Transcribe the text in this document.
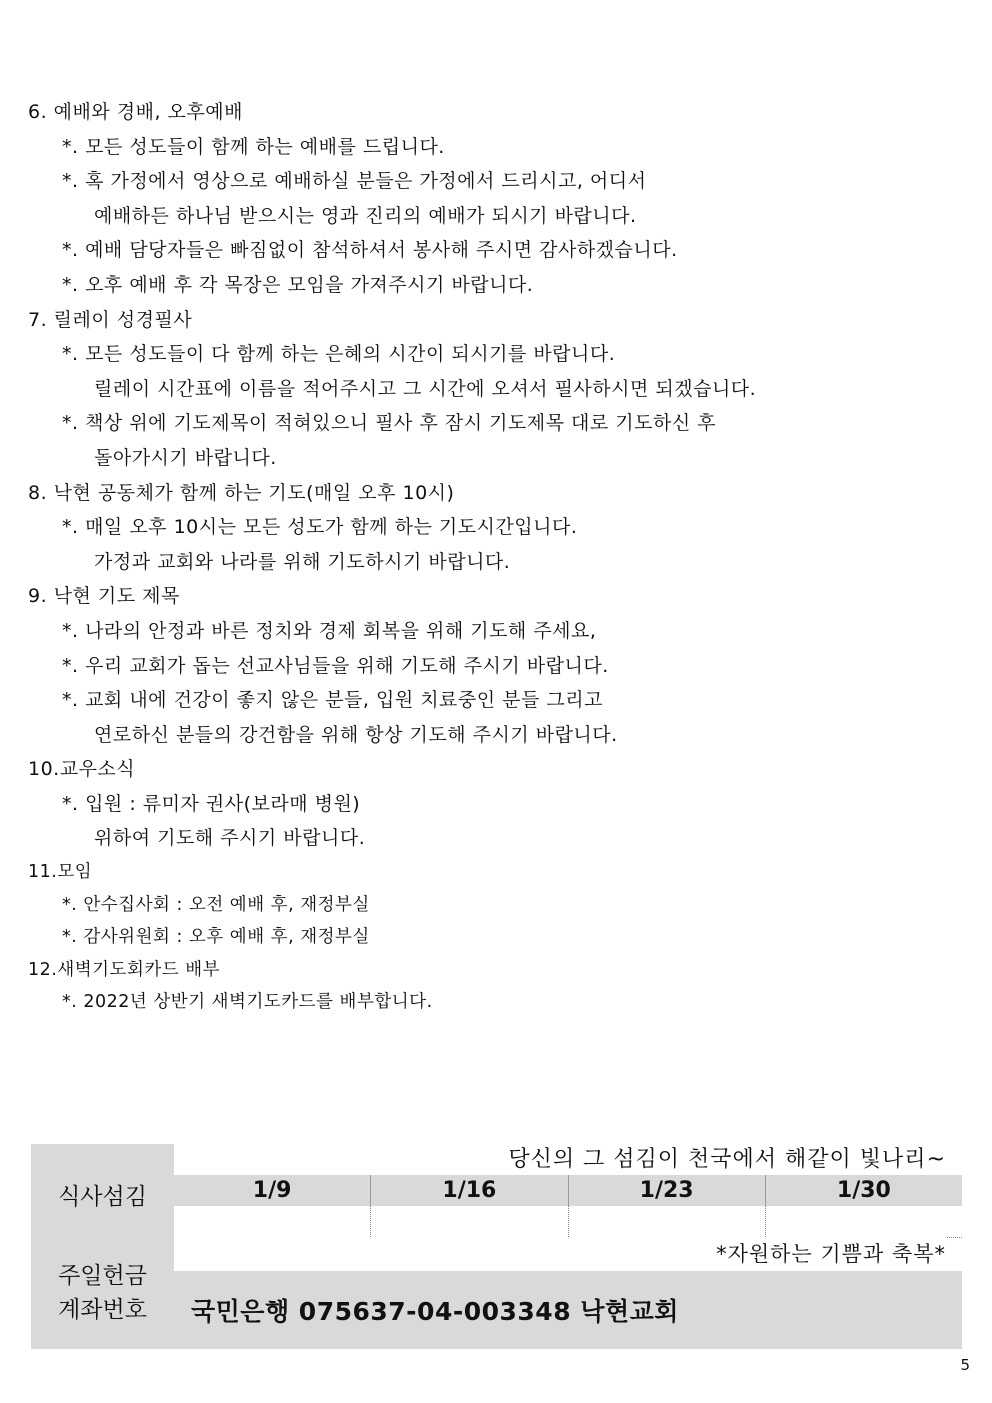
6. 예배와 경배, 오후예배
*. 모든 성도들이 함께 하는 예배를 드립니다.
*. 혹 가정에서 영상으로 예배하실 분들은 가정에서 드리시고, 어디서
예배하든 하나님 받으시는 영과 진리의 예배가 되시기 바랍니다.
*. 예배 담당자들은 빠짐없이 참석하셔서 봉사해 주시면 감사하겠습니다.
*. 오후 예배 후 각 목장은 모임을 가져주시기 바랍니다.
7. 릴레이 성경필사
*. 모든 성도들이 다 함께 하는 은혜의 시간이 되시기를 바랍니다.
릴레이 시간표에 이름을 적어주시고 그 시간에 오셔서 필사하시면 되겠습니다.
*. 책상 위에 기도제목이 적혀있으니 필사 후 잠시 기도제목 대로 기도하신 후
돌아가시기 바랍니다.
8. 낙현 공동체가 함께 하는 기도(매일 오후 10시)
*. 매일 오후 10시는 모든 성도가 함께 하는 기도시간입니다.
가정과 교회와 나라를 위해 기도하시기 바랍니다.
9. 낙현 기도 제목
*. 나라의 안정과 바른 정치와 경제 회복을 위해 기도해 주세요,
*. 우리 교회가 돕는 선교사님들을 위해 기도해 주시기 바랍니다.
*. 교회 내에 건강이 좋지 않은 분들, 입원 치료중인 분들 그리고
연로하신 분들의 강건함을 위해 항상 기도해 주시기 바랍니다.
10.교우소식
*. 입원 : 류미자 권사(보라매 병원)
위하여 기도해 주시기 바랍니다.
11.모임
*. 안수집사회 : 오전 예배 후, 재정부실
*. 감사위원회 : 오후 예배 후, 재정부실
12.새벽기도회카드 배부
*. 2022년 상반기 새벽기도카드를 배부합니다.
식사섬김
주일헌금
계좌번호
당신의 그 섬김이 천국에서 해같이 빛나리~
1/9	1/16	1/23	1/30
*자원하는 기쁨과 축복*
국민은행 075637-04-003348 낙현교회
5
